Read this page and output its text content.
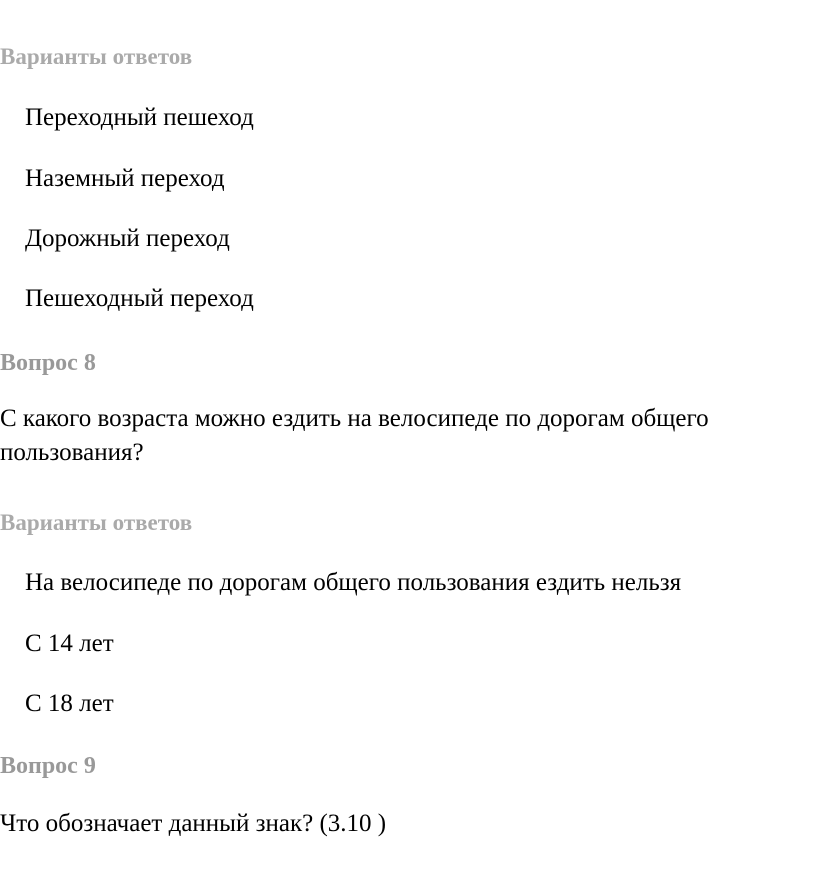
Варианты ответов
Переходный пешеход
Наземный переход
Дорожный переход
Пешеходный переход
Вопрос 8
С какого возраста можно ездить на велосипеде по дорогам общего пользования?
Варианты ответов
На велосипеде по дорогам общего пользования ездить нельзя
С 14 лет
С 18 лет
Вопрос 9
Что обозначает данный знак? (3.10 )
